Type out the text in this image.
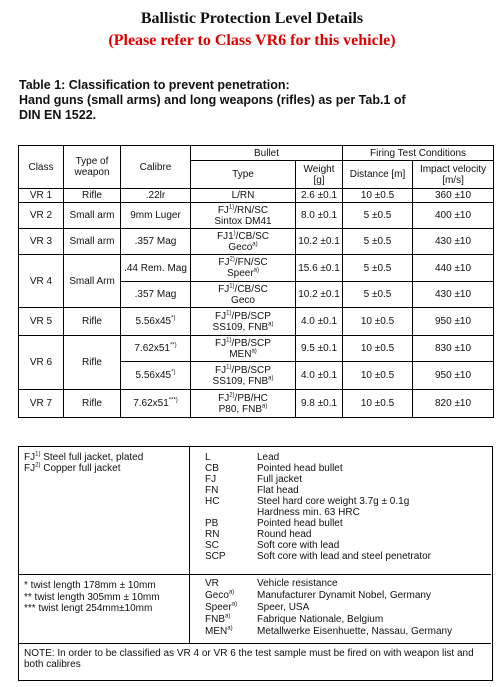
Ballistic Protection Level Details
(Please refer to Class VR6 for this vehicle)
Table 1: Classification to prevent penetration:
Hand guns (small arms) and long weapons (rifles) as per Tab.1 of
DIN EN 1522.
Class	Type of weapon	Calibre	Bullet		Firing Test Conditions	
			Type	Weight [g]	Distance [m]	Impact velocity [m/s]
VR 1	Rifle	.22lr	L/RN	2.6 ±0.1	10 ±0.5	360 ±10
VR 2	Small arm	9mm Luger	FJ$^{1)}$/RN/SC
Sintox DM41	8.0 ±0.1	5 ±0.5	400 ±10
VR 3	Small arm	.357 Mag	FJ1)/CB/SC
Geco$^{a)}$	10.2 ±0.1	5 ±0.5	430 ±10
VR 4	Small Arm	.44 Rem. Mag	FJ$^{2)}$/FN/SC
Speer$^{a)}$	15.6 ±0.1	5 ±0.5	440 ±10
		.357 Mag	FJ$^{1)}$/CB/SC
Geco	10.2 ±0.1	5 ±0.5	430 ±10
VR 5	Rifle	5.56x45*)	FJ$^{1)}$/PB/SCP
SS109, FNB$^{a)}$	4.0 ±0.1	10 ±0.5	950 ±10
VR 6	Rifle	7.62x51**)	FJ$^{1)}$/PB/SCP
MEN$^{a)}$	9.5 ±0.1	10 ±0.5	830 ±10
		5.56x45*)	FJ$^{1)}$/PB/SCP
SS109, FNB$^{a)}$	4.0 ±0.1	10 ±0.5	950 ±10
VR 7	Rifle	7.62x51***)	FJ$^{2)}$/PB/HC
P80, FNB$^{a)}$	9.8 ±0.1	10 ±0.5	820 ±10
FJ$^{1)}$ Steel full jacket, plated
FJ$^{2)}$ Copper full jacket
L	Lead
CB	Pointed head bullet
FJ	Full jacket
FN	Flat head
HC	Steel hard core weight 3.7g ± 0.1g
Hardness min. 63 HRC
PB	Pointed head bullet
RN	Round head
SC	Soft core with lead
SCP	Soft core with lead and steel penetrator
* twist length 178mm ± 10mm
** twist length 305mm ± 10mm
*** twist lengt 254mm±10mm
VR	Vehicle resistance
Geco$^{a)}$ Manufacturer Dynamit Nobel, Germany
Speer$^{a)}$ Speer, USA
FNB$^{a)}$	Fabrique Nationale, Belgium
MEN$^{a)}$ Metallwerke Eisenhuette, Nassau, Germany
NOTE: In order to be classified as VR 4 or VR 6 the test sample must be fired on with weapon list and both calibres
